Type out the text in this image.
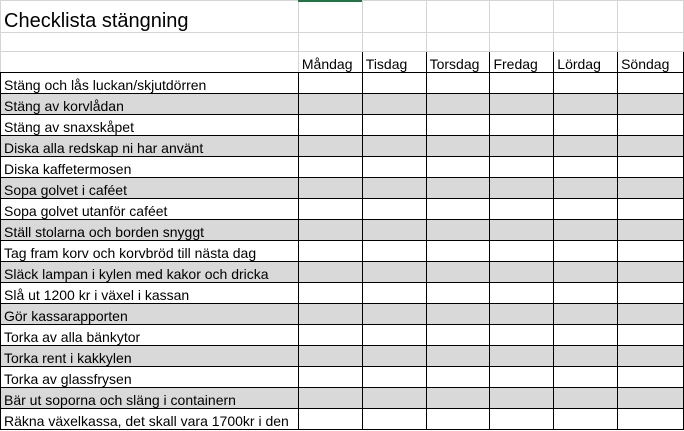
Checklista stängning						

	Måndag	Tisdag	Torsdag	Fredag	Lördag	Söndag
Stäng och lås luckan/skjutdörren						
Stäng av korvlådan						
Stäng av snaxskåpet						
Diska alla redskap ni har använt						
Diska kaffetermosen						
Sopa golvet i caféet						
Sopa golvet utanför caféet						
Ställ stolarna och borden snyggt						
Tag fram korv och korvbröd till nästa dag						
Släck lampan i kylen med kakor och dricka						
Slå ut 1200 kr i växel i kassan						
Gör kassarapporten						
Torka av alla bänkytor						
Torka rent i kakkylen						
Torka av glassfrysen						
Bär ut soporna och släng i containern						
Räkna växelkassa, det skall vara 1700kr i den						
